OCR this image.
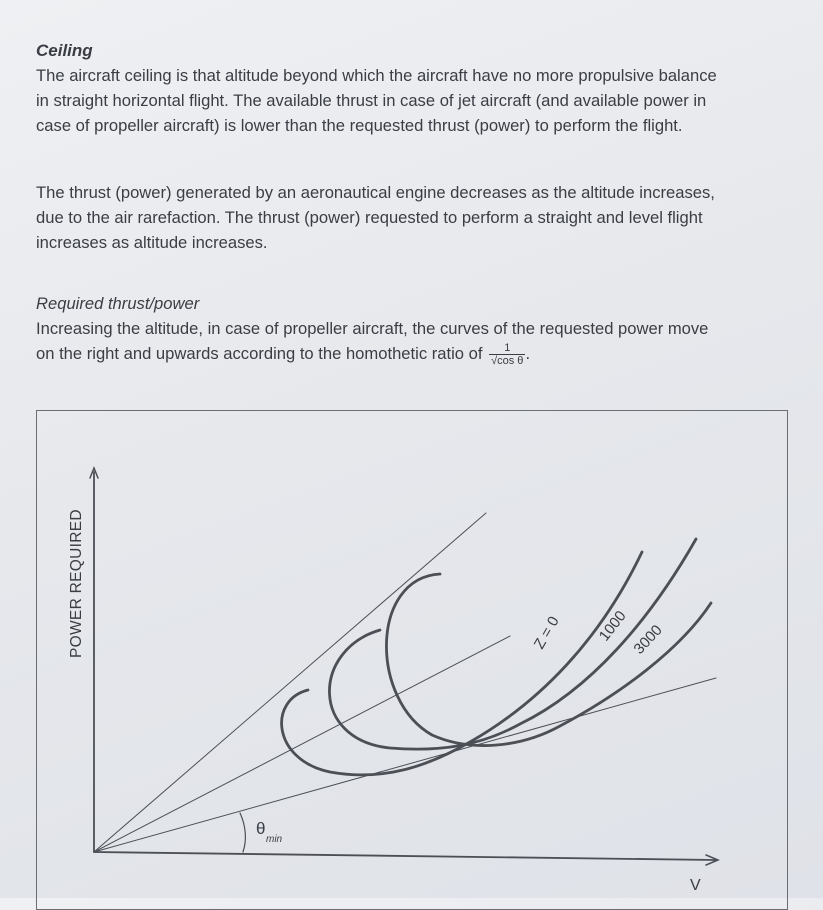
Ceiling
The aircraft ceiling is that altitude beyond which the aircraft have no more propulsive balance
in straight horizontal flight. The available thrust in case of jet aircraft (and available power in
case of propeller aircraft) is lower than the requested thrust (power) to perform the flight.
The thrust (power) generated by an aeronautical engine decreases as the altitude increases,
due to the air rarefaction. The thrust (power) requested to perform a straight and level flight
increases as altitude increases.
Required thrust/power
Increasing the altitude, in case of propeller aircraft, the curves of the requested power move
on the right and upwards according to the homothetic ratio of $\frac{1}{\text{√cos θ}}$ .
POWER REQUIRED	Z = 0 1000 3000
θ
min
V
